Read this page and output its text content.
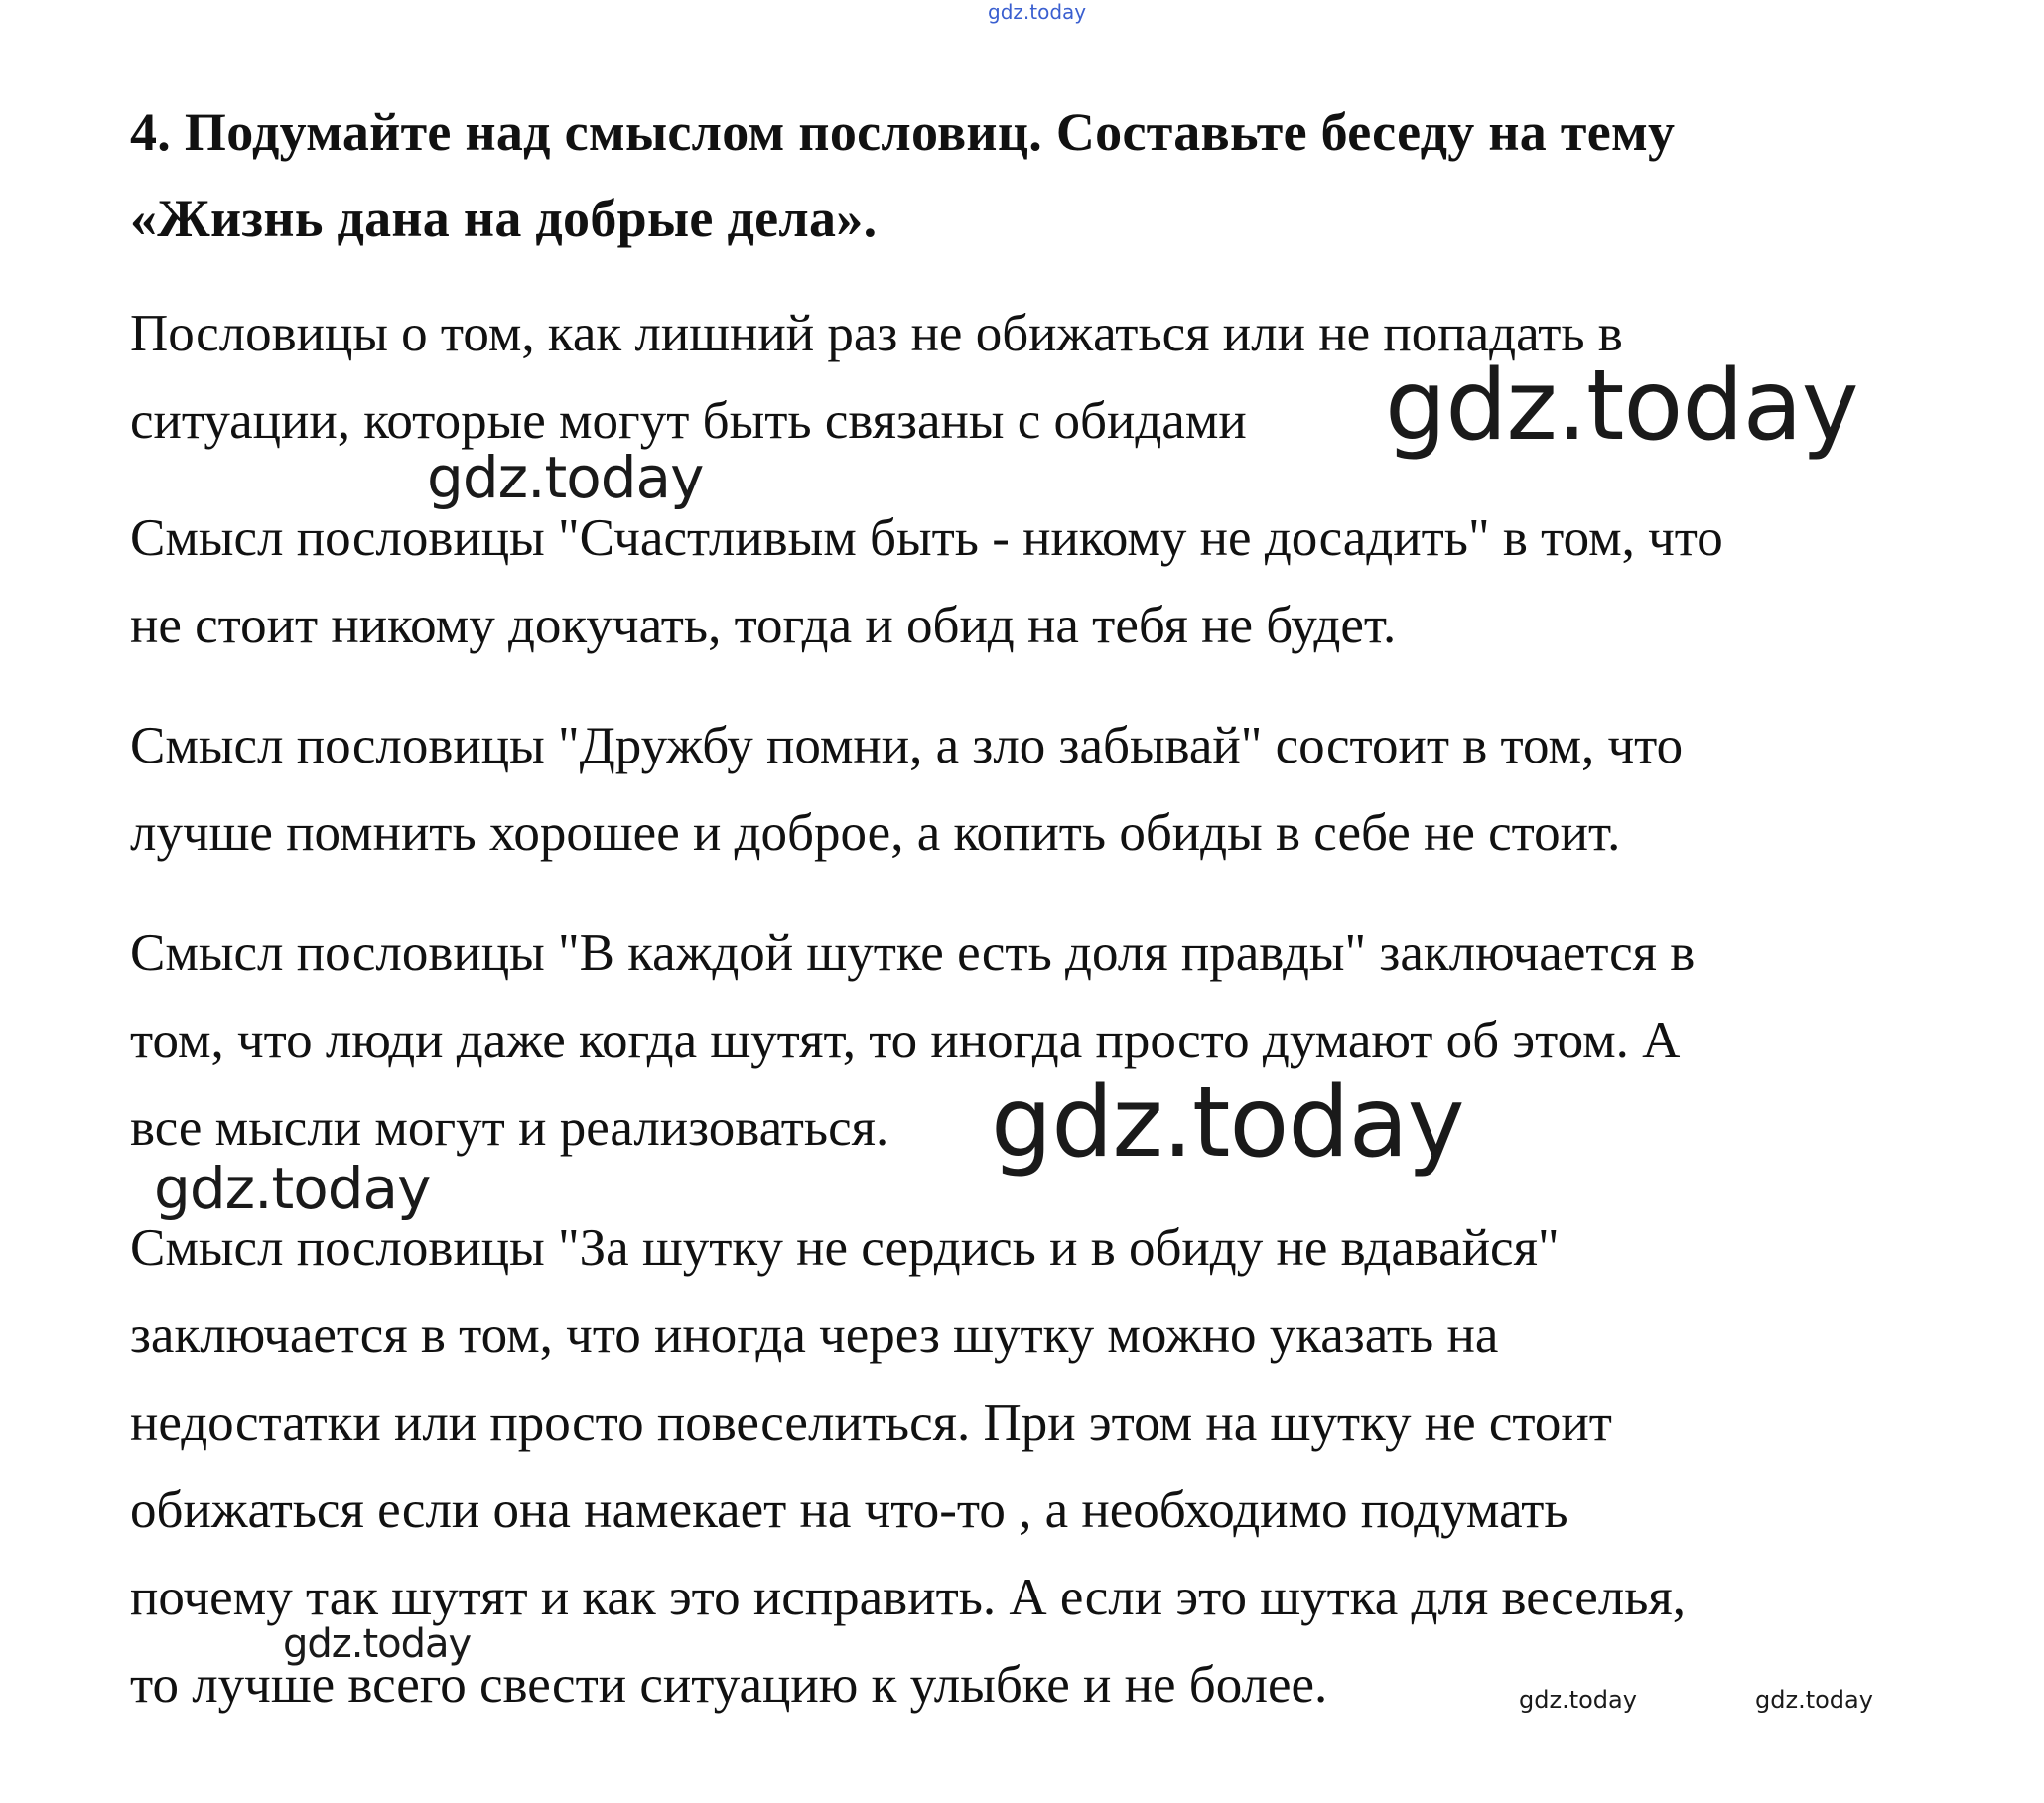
gdz.today
4. Подумайте над смыслом пословиц. Составьте беседу на тему
«Жизнь дана на добрые дела».

Пословицы о том, как лишний раз не обижаться или не попадать в
ситуации, которые могут быть связаны с обидами

Смысл пословицы "Счастливым быть - никому не досадить" в том, что
не стоит никому докучать, тогда и обид на тебя не будет.

Смысл пословицы "Дружбу помни, а зло забывай" состоит в том, что
лучше помнить хорошее и доброе, а копить обиды в себе не стоит.

Смысл пословицы "В каждой шутке есть доля правды" заключается в
том, что люди даже когда шутят, то иногда просто думают об этом. А
все мысли могут и реализоваться.

Смысл пословицы "За шутку не сердись и в обиду не вдавайся"
заключается в том, что иногда через шутку можно указать на
недостатки или просто повеселиться. При этом на шутку не стоит
обижаться если она намекает на что-то , а необходимо подумать
почему так шутят и как это исправить. А если это шутка для веселья,
то лучше всего свести ситуацию к улыбке и не более.

gdz.today
gdz.today
gdz.today
gdz.today
gdz.today
gdz.today	gdz.today
